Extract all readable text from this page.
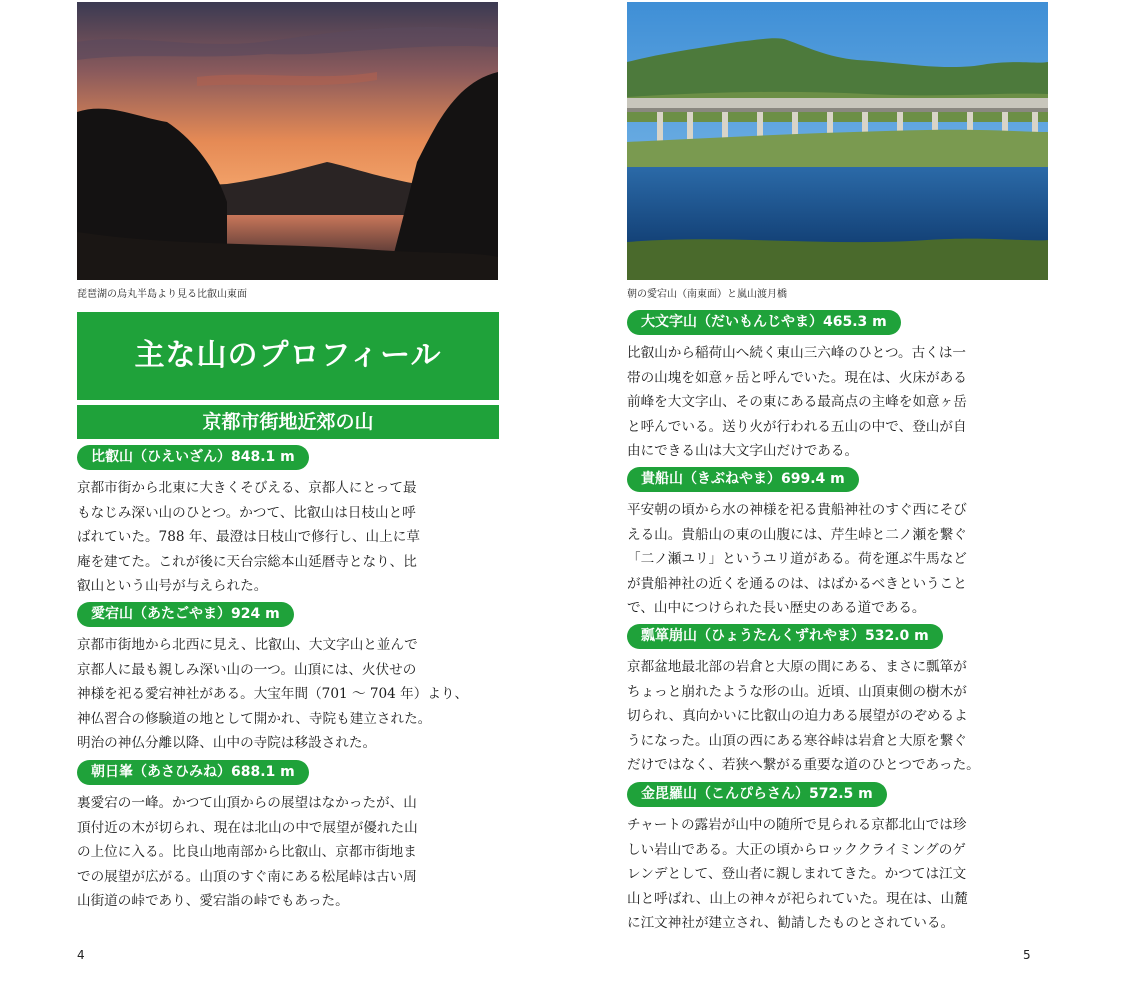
琵琶湖の烏丸半島より見る比叡山東面	朝の愛宕山（南東面）と嵐山渡月橋
主な山のプロフィール
京都市街地近郊の山
比叡山（ひえいざん）848.1 m
京都市街から北東に大きくそびえる、京都人にとって最
もなじみ深い山のひとつ。かつて、比叡山は日枝山と呼
ばれていた。788 年、最澄は日枝山で修行し、山上に草
庵を建てた。これが後に天台宗総本山延暦寺となり、比
叡山という山号が与えられた。
愛宕山（あたごやま）924 m
京都市街地から北西に見え、比叡山、大文字山と並んで
京都人に最も親しみ深い山の一つ。山頂には、火伏せの
神様を祀る愛宕神社がある。大宝年間（701 〜 704 年）より、
神仏習合の修験道の地として開かれ、寺院も建立された。
明治の神仏分離以降、山中の寺院は移設された。
朝日峯（あさひみね）688.1 m
裏愛宕の一峰。かつて山頂からの展望はなかったが、山
頂付近の木が切られ、現在は北山の中で展望が優れた山
の上位に入る。比良山地南部から比叡山、京都市街地ま
での展望が広がる。山頂のすぐ南にある松尾峠は古い周
山街道の峠であり、愛宕詣の峠でもあった。
4
大文字山（だいもんじやま）465.3 m
比叡山から稲荷山へ続く東山三六峰のひとつ。古くは一
帯の山塊を如意ヶ岳と呼んでいた。現在は、火床がある
前峰を大文字山、その東にある最高点の主峰を如意ヶ岳
と呼んでいる。送り火が行われる五山の中で、登山が自
由にできる山は大文字山だけである。
貴船山（きぶねやま）699.4 m
平安朝の頃から水の神様を祀る貴船神社のすぐ西にそび
える山。貴船山の東の山腹には、芹生峠と二ノ瀬を繋ぐ
「二ノ瀬ユリ」というユリ道がある。荷を運ぶ牛馬など
が貴船神社の近くを通るのは、はばかるべきということ
で、山中につけられた長い歴史のある道である。
瓢箪崩山（ひょうたんくずれやま）532.0 m
京都盆地最北部の岩倉と大原の間にある、まさに瓢箪が
ちょっと崩れたような形の山。近頃、山頂東側の樹木が
切られ、真向かいに比叡山の迫力ある展望がのぞめるよ
うになった。山頂の西にある寒谷峠は岩倉と大原を繋ぐ
だけではなく、若狭へ繋がる重要な道のひとつであった。
金毘羅山（こんぴらさん）572.5 m
チャートの露岩が山中の随所で見られる京都北山では珍
しい岩山である。大正の頃からロッククライミングのゲ
レンデとして、登山者に親しまれてきた。かつては江文
山と呼ばれ、山上の神々が祀られていた。現在は、山麓
に江文神社が建立され、勧請したものとされている。
5
